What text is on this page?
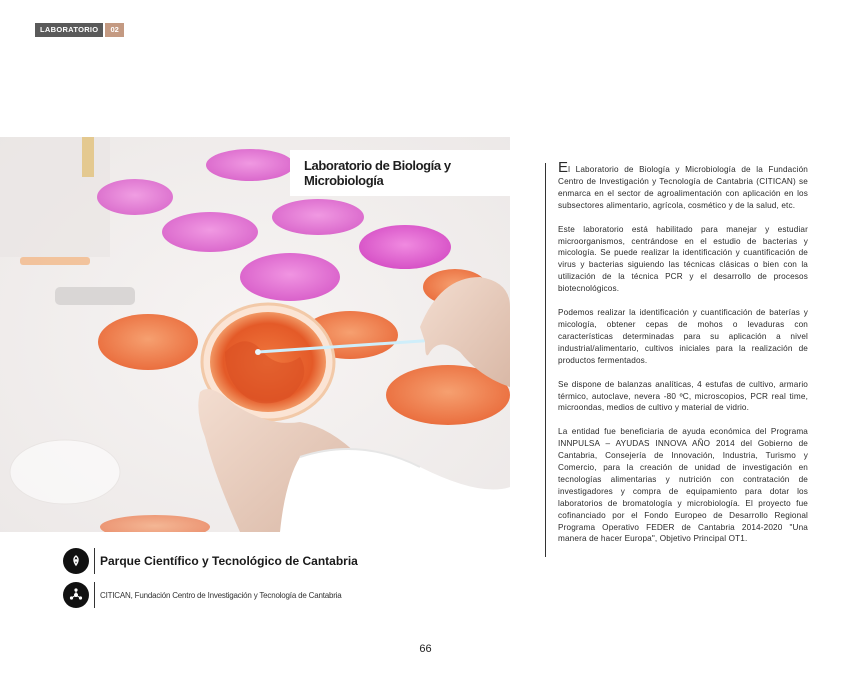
LABORATORIO	02
Laboratorio de Biología y Microbiología
Parque Científico y Tecnológico de Cantabria
CITICAN, Fundación Centro de Investigación y Tecnología de Cantabria

El Laboratorio de Biología y Microbiología de la Fundación Centro de Investigación y Tecnología de Cantabria (CITICAN) se enmarca en el sector de agroalimentación con aplicación en los subsectores alimentario, agrícola, cosmético y de la salud, etc.

Este laboratorio está habilitado para manejar y estudiar microorganismos, centrándose en el estudio de bacterias y micología. Se puede realizar la identificación y cuantificación de virus y bacterias siguiendo las técnicas clásicas o bien con la utilización de la técnica PCR y el desarrollo de procesos biotecnológicos.

Podemos realizar la identificación y cuantificación de baterías y micología, obtener cepas de mohos o levaduras con características determinadas para su aplicación a nivel industrial/alimentario, cultivos iniciales para la realización de productos fermentados.

Se dispone de balanzas analíticas, 4 estufas de cultivo, armario térmico, autoclave, nevera -80 ºC, microscopios, PCR real time, microondas, medios de cultivo y material de vidrio.

La entidad fue beneficiaria de ayuda económica del Programa INNPULSA – AYUDAS INNOVA AÑO 2014 del Gobierno de Cantabria, Consejería de Innovación, Industria, Turismo y Comercio, para la creación de unidad de investigación en tecnologías alimentarias y nutrición con contratación de investigadores y compra de equipamiento para dotar los laboratorios de bromatología y microbiología. El proyecto fue cofinanciado por el Fondo Europeo de Desarrollo Regional Programa Operativo FEDER de Cantabria 2014-2020 "Una manera de hacer Europa", Objetivo Principal OT1.

66
